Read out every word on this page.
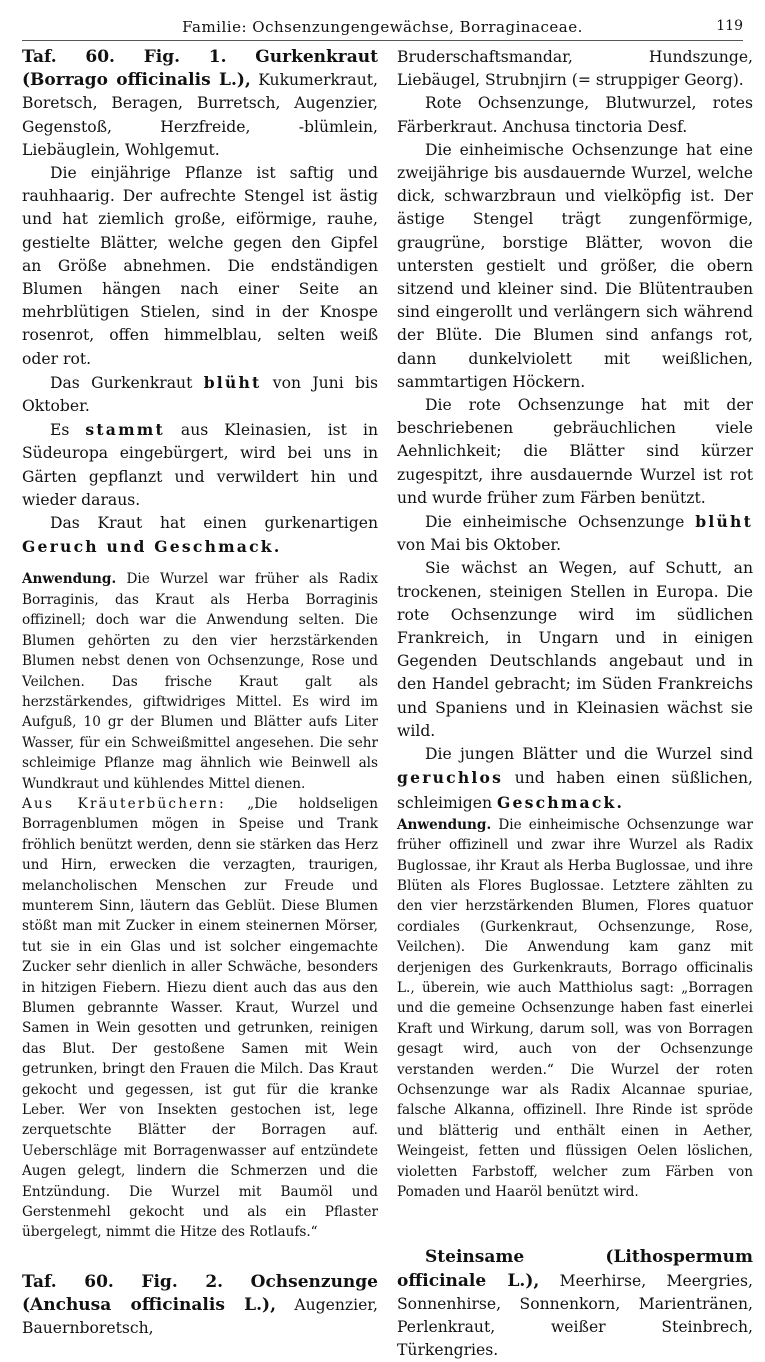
Familie: Ochsenzungengewächse, Borraginaceae.	119

Taf. 60. Fig. 1. Gurkenkraut (Borrago officinalis L.), Kukumerkraut, Boretsch, Beragen, Burretsch, Augenzier, Gegenstoß, Herzfreide, -blümlein, Liebäuglein, Wohlgemut.

Die einjährige Pflanze ist saftig und rauhhaarig. Der aufrechte Stengel ist ästig und hat ziemlich große, eiförmige, rauhe, gestielte Blätter, welche gegen den Gipfel an Größe abnehmen. Die endständigen Blumen hängen nach einer Seite an mehrblütigen Stielen, sind in der Knospe rosenrot, offen himmelblau, selten weiß oder rot.

Das Gurkenkraut blüht von Juni bis Oktober.

Es stammt aus Kleinasien, ist in Südeuropa eingebürgert, wird bei uns in Gärten gepflanzt und verwildert hin und wieder daraus.

Das Kraut hat einen gurkenartigen Geruch und Geschmack.

Anwendung. Die Wurzel war früher als Radix Borraginis, das Kraut als Herba Borraginis offizinell; doch war die Anwendung selten. Die Blumen gehörten zu den vier herzstärkenden Blumen nebst denen von Ochsenzunge, Rose und Veilchen. Das frische Kraut galt als herzstärkendes, giftwidriges Mittel. Es wird im Aufguß, 10 gr der Blumen und Blätter aufs Liter Wasser, für ein Schweißmittel angesehen. Die sehr schleimige Pflanze mag ähnlich wie Beinwell als Wundkraut und kühlendes Mittel dienen.

Aus Kräuterbüchern: „Die holdseligen Borragenblumen mögen in Speise und Trank fröhlich benützt werden, denn sie stärken das Herz und Hirn, erwecken die verzagten, traurigen, melancholischen Menschen zur Freude und munterem Sinn, läutern das Geblüt. Diese Blumen stößt man mit Zucker in einem steinernen Mörser, tut sie in ein Glas und ist solcher eingemachte Zucker sehr dienlich in aller Schwäche, besonders in hitzigen Fiebern. Hiezu dient auch das aus den Blumen gebrannte Wasser. Kraut, Wurzel und Samen in Wein gesotten und getrunken, reinigen das Blut. Der gestoßene Samen mit Wein getrunken, bringt den Frauen die Milch. Das Kraut gekocht und gegessen, ist gut für die kranke Leber. Wer von Insekten gestochen ist, lege zerquetschte Blätter der Borragen auf. Ueberschläge mit Borragenwasser auf entzündete Augen gelegt, lindern die Schmerzen und die Entzündung. Die Wurzel mit Baumöl und Gerstenmehl gekocht und als ein Pflaster übergelegt, nimmt die Hitze des Rotlaufs.“

Taf. 60. Fig. 2. Ochsenzunge (Anchusa officinalis L.), Augenzier, Bauernboretsch,

Bruderschaftsmandar, Hundszunge, Liebäugel, Strubnjirn (= struppiger Georg).

Rote Ochsenzunge, Blutwurzel, rotes Färberkraut. Anchusa tinctoria Desf.

Die einheimische Ochsenzunge hat eine zweijährige bis ausdauernde Wurzel, welche dick, schwarzbraun und vielköpfig ist. Der ästige Stengel trägt zungenförmige, graugrüne, borstige Blätter, wovon die untersten gestielt und größer, die obern sitzend und kleiner sind. Die Blütentrauben sind eingerollt und verlängern sich während der Blüte. Die Blumen sind anfangs rot, dann dunkelviolett mit weißlichen, sammtartigen Höckern.

Die rote Ochsenzunge hat mit der beschriebenen gebräuchlichen viele Aehnlichkeit; die Blätter sind kürzer zugespitzt, ihre ausdauernde Wurzel ist rot und wurde früher zum Färben benützt.

Die einheimische Ochsenzunge blüht von Mai bis Oktober.

Sie wächst an Wegen, auf Schutt, an trockenen, steinigen Stellen in Europa. Die rote Ochsenzunge wird im südlichen Frankreich, in Ungarn und in einigen Gegenden Deutschlands angebaut und in den Handel gebracht; im Süden Frankreichs und Spaniens und in Kleinasien wächst sie wild.

Die jungen Blätter und die Wurzel sind geruchlos und haben einen süßlichen, schleimigen Geschmack.

Anwendung. Die einheimische Ochsenzunge war früher offizinell und zwar ihre Wurzel als Radix Buglossae, ihr Kraut als Herba Buglossae, und ihre Blüten als Flores Buglossae. Letztere zählten zu den vier herzstärkenden Blumen, Flores quatuor cordiales (Gurkenkraut, Ochsenzunge, Rose, Veilchen). Die Anwendung kam ganz mit derjenigen des Gurkenkrauts, Borrago officinalis L., überein, wie auch Matthiolus sagt: „Borragen und die gemeine Ochsenzunge haben fast einerlei Kraft und Wirkung, darum soll, was von Borragen gesagt wird, auch von der Ochsenzunge verstanden werden.“ Die Wurzel der roten Ochsenzunge war als Radix Alcannae spuriae, falsche Alkanna, offizinell. Ihre Rinde ist spröde und blätterig und enthält einen in Aether, Weingeist, fetten und flüssigen Oelen löslichen, violetten Farbstoff, welcher zum Färben von Pomaden und Haaröl benützt wird.

Steinsame (Lithospermum officinale L.), Meerhirse, Meergries, Sonnenhirse, Sonnenkorn, Marientränen, Perlenkraut, weißer Steinbrech, Türkengries.
